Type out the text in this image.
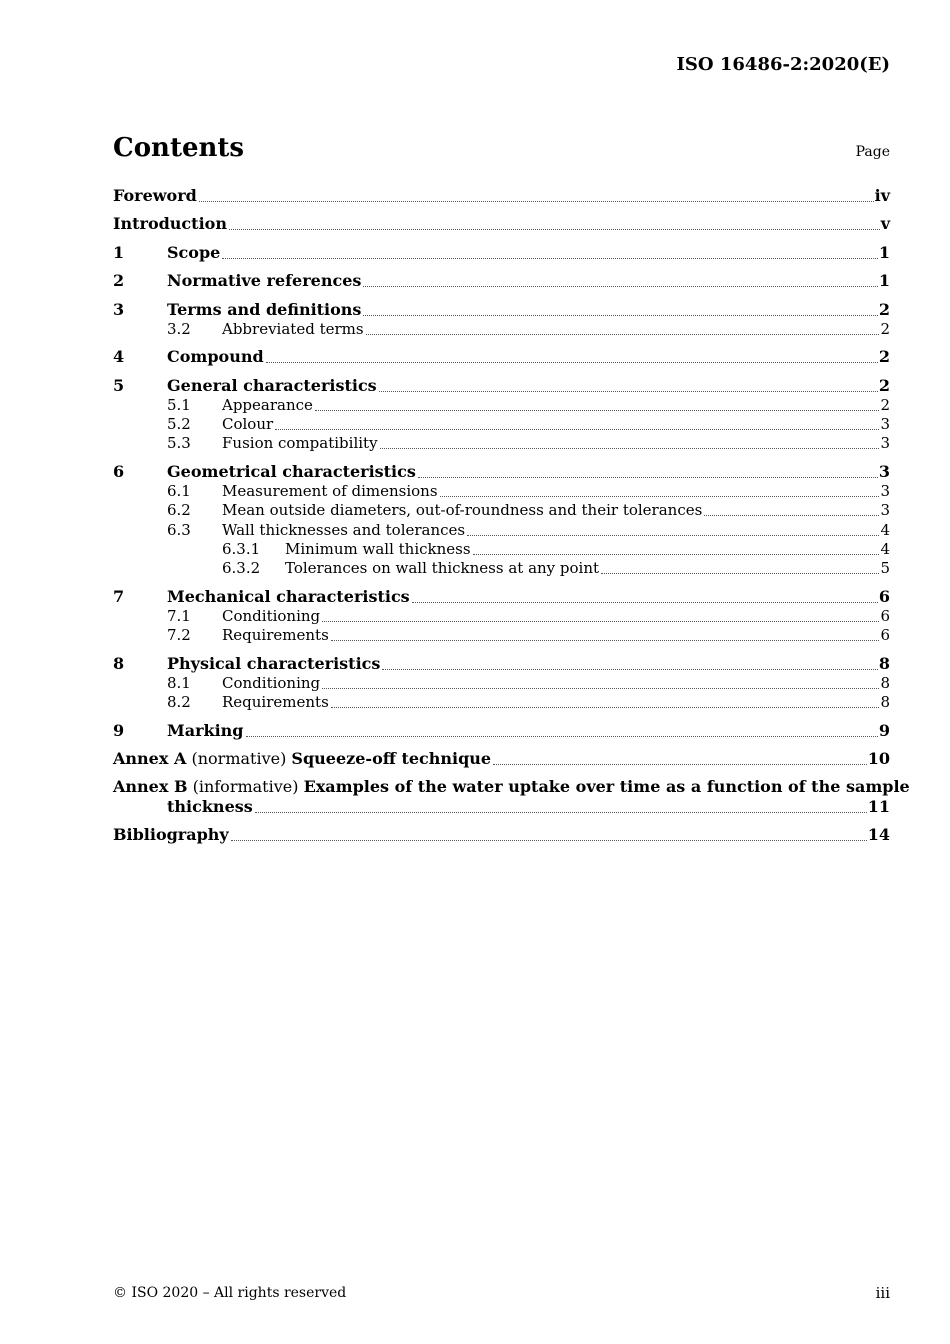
ISO 16486-2:2020(E)
Contents	Page
Annex A (normative) Squeeze-off technique	10
Annex B (informative) Examples of the water uptake over time as a function of the sample
thickness	11
Bibliography	14
Foreword	iv
Introduction	v
1	Scope	1
2	Normative references	1
3	Terms and definitions	2
3.2 Abbreviated terms	2
4	Compound	2
5	General characteristics	2
5.1 Appearance	2
5.2 Colour	3
5.3 Fusion compatibility	3
6	Geometrical characteristics	3
6.1 Measurement of dimensions	3
6.2 Mean outside diameters, out-of-roundness and their tolerances	3
6.3 Wall thicknesses and tolerances	4
6.3.1 Minimum wall thickness	4
6.3.2 Tolerances on wall thickness at any point	5
7	Mechanical characteristics	6
7.1 Conditioning	6
7.2 Requirements	6
8	Physical characteristics	8
8.1 Conditioning	8
8.2 Requirements	8
9	Marking	9
© ISO 2020 – All rights reserved	iii
